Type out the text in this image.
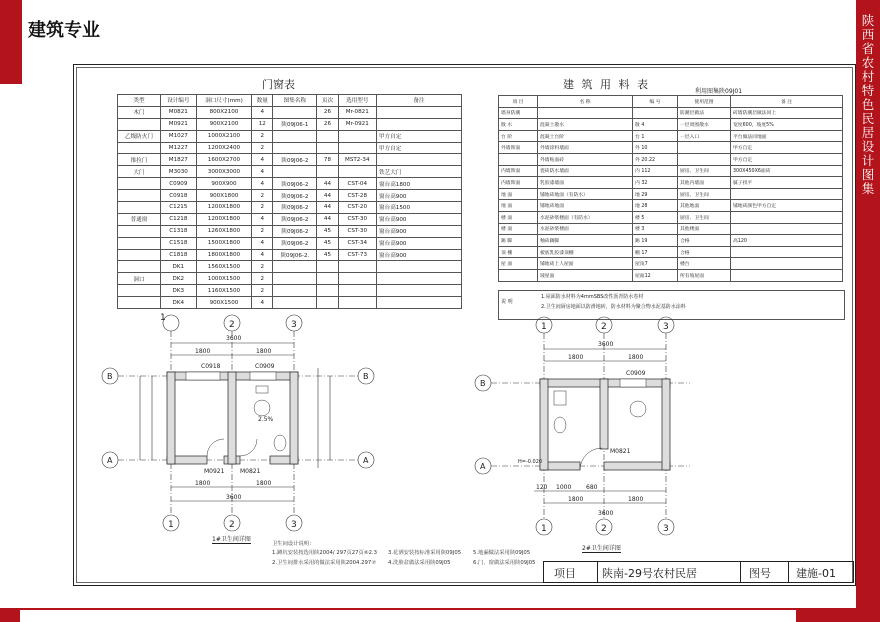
建筑专业	陕
西
省
农
村
特
色
民
居
设
计
图
集
门窗表
类型	设计编号	洞口尺寸(mm)	数量	图集名称	页次	选用型号	备注
木门	M0821	800X2100	4		26	Mr-0821	
	M0921	900X2100	12	陕09J06-1	26	Mr-0921	
乙级防火门	M1027	1000X2100	2				甲方自定
	M1227	1200X2400	2				甲方自定
推拉门	M1827	1600X2700	4	陕09J06-2	78	MST2-34	
大门	M3030	3000X3000	4				铁艺大门
	C0909	900X900	4	陕09J06-2	44	CST-04	窗台高1800
	C0918	900X1800	2	陕09J06-2	44	CST-28	窗台高900
	C1215	1200X1800	2	陕09J06-2	44	CST-20	窗台高1500
普通窗	C1218	1200X1800	4	陕09J06-2	44	CST-30	窗台高900
	C1318	1260X1800	2	陕09J06-2	45	CST-30	窗台高900
	C1518	1500X1800	4	陕09J06-2	45	CST-34	窗台高900
	C1818	1800X1800	4	陕09J06-2.	45	CST-73	窗台高900
	DK1	1560X1500	2				
洞口	DK2	1000X1500	2				
	DK3	1160X1500	2				
	DK4	900X1500	4				
建 筑 用 料 表
利用图集陕09J01
项 目	名 称	编 号	使用范围	备 注
墙身防潮			防潮层做法	砖墙防潮层做法同上
散 水	混凝土散水	散 4	一层周围散水	宽度600，坡度5%
台 阶	混凝土台阶	台 1	一层入口	平台做法同地面
外墙饰面	外墙涂料墙面	外 10		甲方自定
	外墙贴面砖	外 20.22		甲方自定
内墙饰面	瓷砖防水墙面	内 112	厨房、卫生间	300X450X6面砖
内墙饰面	乳胶漆墙面	内 32	其他内墙面	腻子找平
地 面	铺地砖地面（有防水）	地 29	厨房、卫生间	
地 面	铺地砖地面	地 28	其他地面	铺地砖颜色甲方自定
楼 面	水泥砂浆楼面（有防水）	楼 5	厨房、卫生间	
楼 面	水泥砂浆楼面	楼 3	其他楼面	
踢 脚	釉砖踢脚	踢 19	合格	高120
顶 棚	板底乳胶漆顶棚	棚 17	合格	
屋 面	铺地砖上人屋面	屋顶7	楼台	
	坡屋面	屋面12	所有坡屋面	
说 明
1.屋面防水材料为4mmSBS改性沥青防水卷材
2.卫生间厨房地面以防滑地砖，防水材料为聚合物水泥基防水涂料
C0918	C0909
3600
1800	1800
1800	1800
3600
M0921	M0821
2.5%
1
2	3
1	2	3
B
A
B
A
1#卫生间详图
C0909
3600
1800	1800
120 1000 680
1800	1800
3600
M0821
H=-0.020
1	2	3
1	2	3
B
A
2#卫生间详图
卫生间设计说明：
1.蹲坑安装按选用陕2004/ 297页27页⑥2.3
2.卫生间排水采用的做法采用陕2004.297⑦
3.花洒安装按标准采用陕09J05
4.洗脸盆做法采用陕09J05
5.地漏做法采用陕09J05
6.门、窗做法采用陕09J05
项目 陕南-29号农村民居	图号 建施-01
